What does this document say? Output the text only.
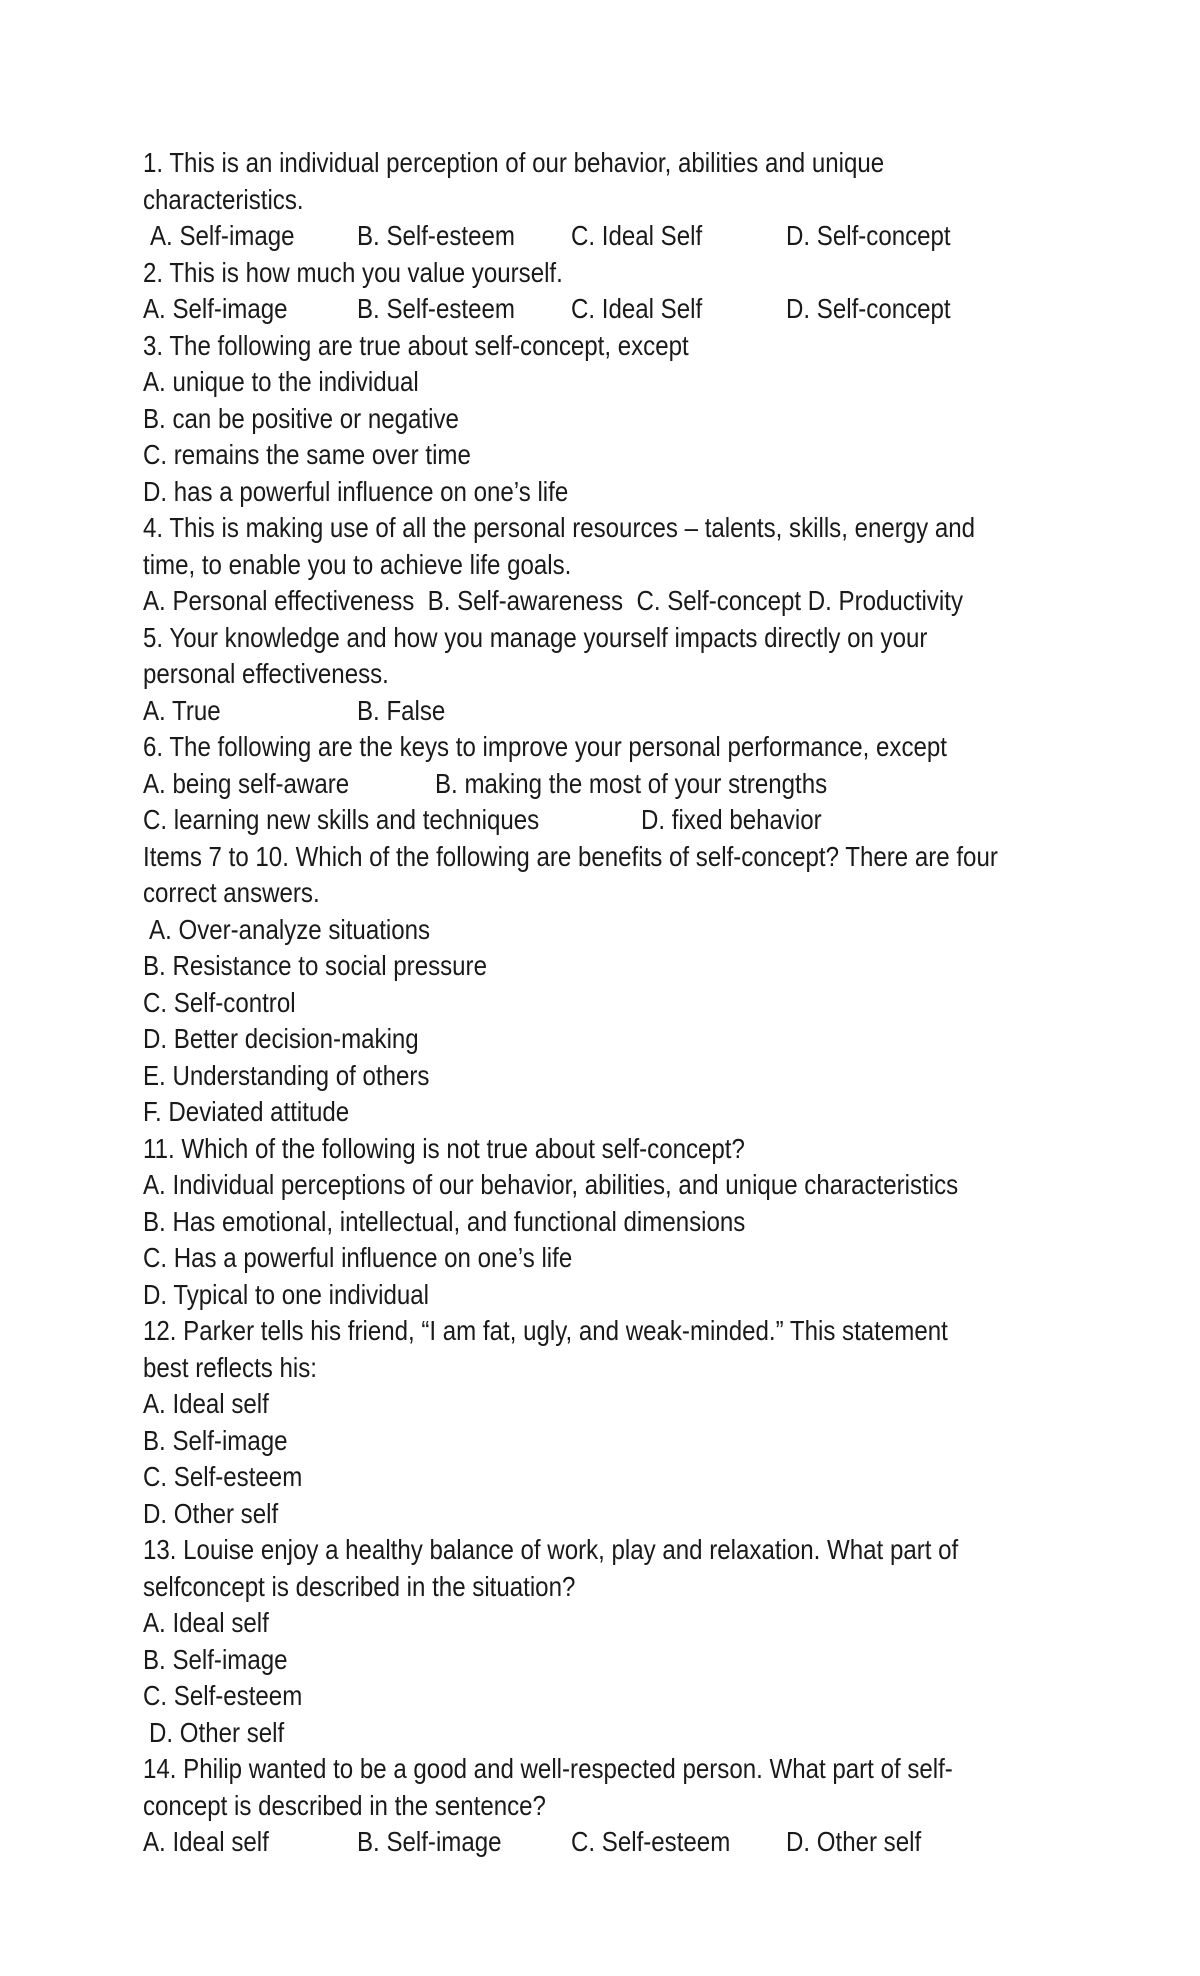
1. This is an individual perception of our behavior, abilities and unique
characteristics.
A. Self-image B. Self-esteem C. Ideal Self	D. Self-concept
2. This is how much you value yourself.
A. Self-image B. Self-esteem C. Ideal Self	D. Self-concept
3. The following are true about self-concept, except
A. unique to the individual
B. can be positive or negative
C. remains the same over time
D. has a powerful influence on one’s life
4. This is making use of all the personal resources – talents, skills, energy and
time, to enable you to achieve life goals.
A. Personal effectiveness  B. Self-awareness  C. Self-concept D. Productivity
5. Your knowledge and how you manage yourself impacts directly on your
personal effectiveness.
A. True	B. False
6. The following are the keys to improve your personal performance, except
A. being self-aware	B. making the most of your strengths
C. learning new skills and techniques	D. fixed behavior
Items 7 to 10. Which of the following are benefits of self-concept? There are four
correct answers.
A. Over-analyze situations
B. Resistance to social pressure
C. Self-control
D. Better decision-making
E. Understanding of others
F. Deviated attitude
11. Which of the following is not true about self-concept?
A. Individual perceptions of our behavior, abilities, and unique characteristics
B. Has emotional, intellectual, and functional dimensions
C. Has a powerful influence on one’s life
D. Typical to one individual
12. Parker tells his friend, “I am fat, ugly, and weak-minded.” This statement
best reflects his:
A. Ideal self
B. Self-image
C. Self-esteem
D. Other self
13. Louise enjoy a healthy balance of work, play and relaxation. What part of
selfconcept is described in the situation?
A. Ideal self
B. Self-image
C. Self-esteem
D. Other self
14. Philip wanted to be a good and well-respected person. What part of self-
concept is described in the sentence?
A. Ideal self	B. Self-image C. Self-esteem D. Other self
